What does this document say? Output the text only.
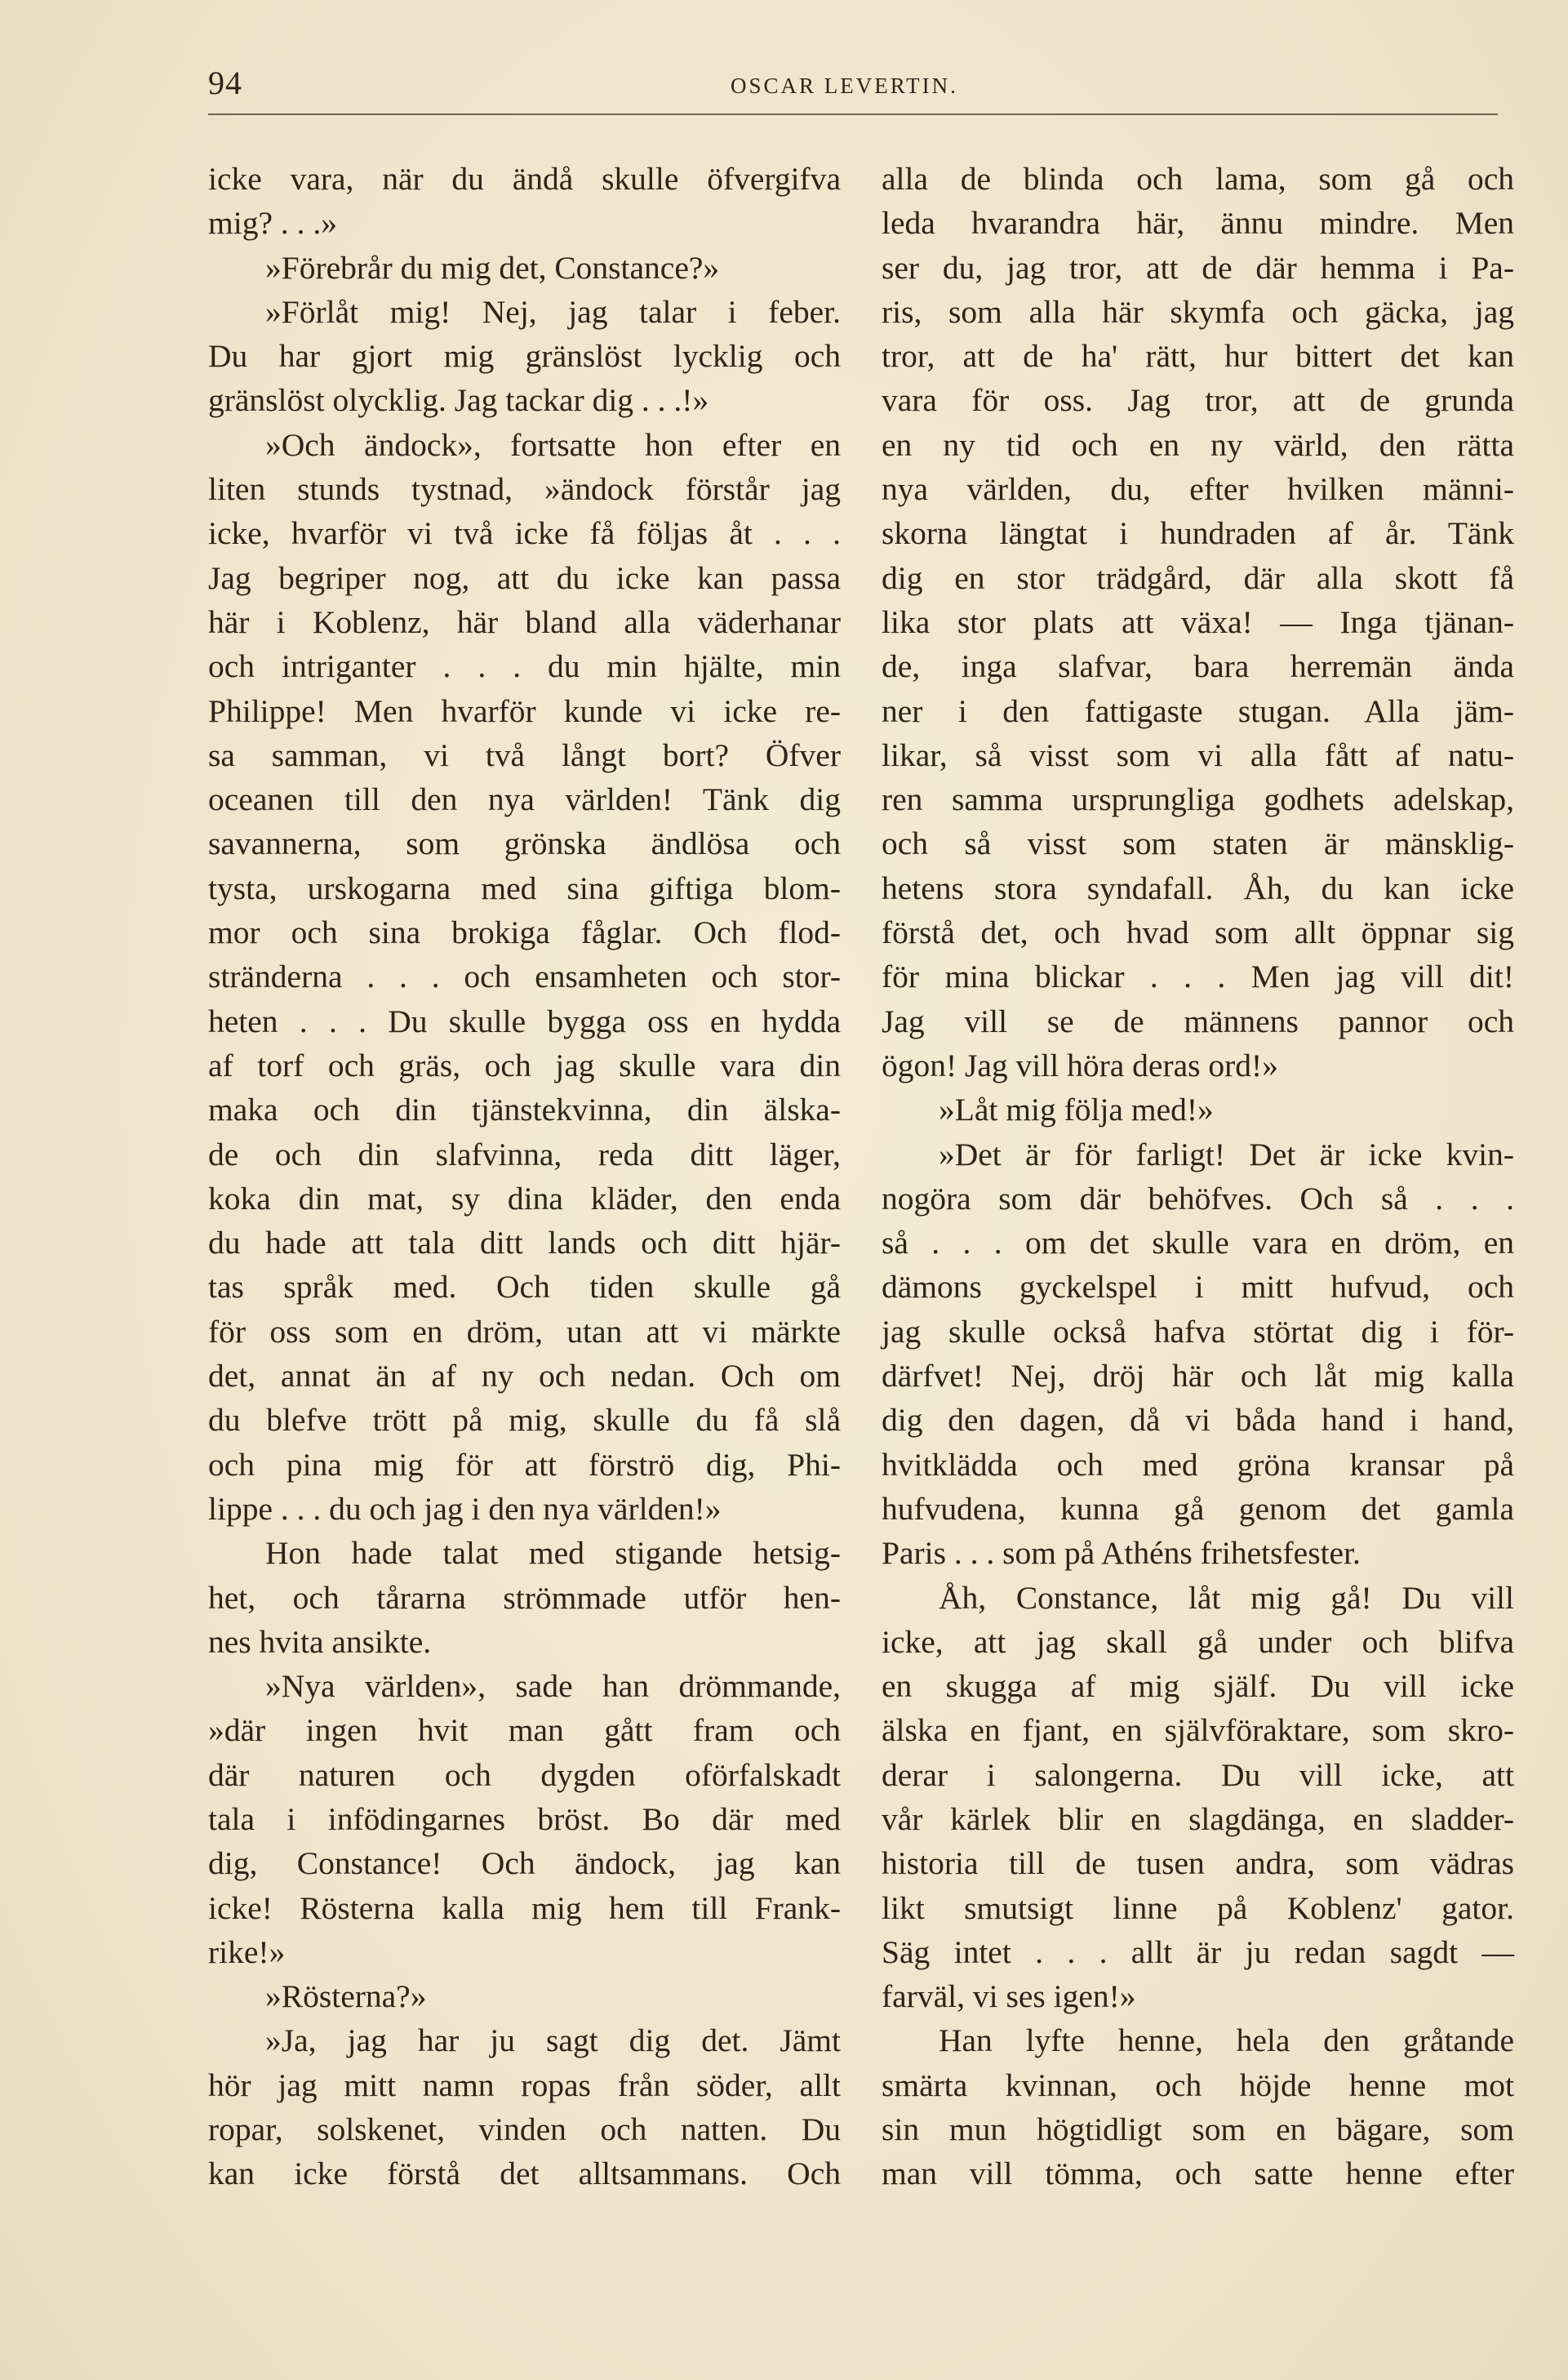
94	OSCAR LEVERTIN.
icke vara, när du ändå skulle öfvergifva
mig? . . .»
»Förebrår du mig det, Constance?»
»Förlåt mig! Nej, jag talar i feber.
Du har gjort mig gränslöst lycklig och
gränslöst olycklig. Jag tackar dig . . .!»
»Och ändock», fortsatte hon efter en
liten stunds tystnad, »ändock förstår jag
icke, hvarför vi två icke få följas åt . . .
Jag begriper nog, att du icke kan passa
här i Koblenz, här bland alla väderhanar
och intriganter . . . du min hjälte, min
Philippe! Men hvarför kunde vi icke re-
sa samman, vi två långt bort? Öfver
oceanen till den nya världen! Tänk dig
savannerna, som grönska ändlösa och
tysta, urskogarna med sina giftiga blom-
mor och sina brokiga fåglar. Och flod-
stränderna . . . och ensamheten och stor-
heten . . . Du skulle bygga oss en hydda
af torf och gräs, och jag skulle vara din
maka och din tjänstekvinna, din älska-
de och din slafvinna, reda ditt läger,
koka din mat, sy dina kläder, den enda
du hade att tala ditt lands och ditt hjär-
tas språk med. Och tiden skulle gå
för oss som en dröm, utan att vi märkte
det, annat än af ny och nedan. Och om
du blefve trött på mig, skulle du få slå
och pina mig för att förströ dig, Phi-
lippe . . . du och jag i den nya världen!»
Hon hade talat med stigande hetsig-
het, och tårarna strömmade utför hen-
nes hvita ansikte.
»Nya världen», sade han drömmande,
»där ingen hvit man gått fram och
där naturen och dygden oförfalskadt
tala i infödingarnes bröst. Bo där med
dig, Constance! Och ändock, jag kan
icke! Rösterna kalla mig hem till Frank-
rike!»
»Rösterna?»
»Ja, jag har ju sagt dig det. Jämt
hör jag mitt namn ropas från söder, allt
ropar, solskenet, vinden och natten. Du
kan icke förstå det alltsammans. Och
alla de blinda och lama, som gå och
leda hvarandra här, ännu mindre. Men
ser du, jag tror, att de där hemma i Pa-
ris, som alla här skymfa och gäcka, jag
tror, att de ha' rätt, hur bittert det kan
vara för oss. Jag tror, att de grunda
en ny tid och en ny värld, den rätta
nya världen, du, efter hvilken männi-
skorna längtat i hundraden af år. Tänk
dig en stor trädgård, där alla skott få
lika stor plats att växa! — Inga tjänan-
de, inga slafvar, bara herremän ända
ner i den fattigaste stugan. Alla jäm-
likar, så visst som vi alla fått af natu-
ren samma ursprungliga godhets adelskap,
och så visst som staten är mänsklig-
hetens stora syndafall. Åh, du kan icke
förstå det, och hvad som allt öppnar sig
för mina blickar . . . Men jag vill dit!
Jag vill se de männens pannor och
ögon! Jag vill höra deras ord!»
»Låt mig följa med!»
»Det är för farligt! Det är icke kvin-
nogöra som där behöfves. Och så . . .
så . . . om det skulle vara en dröm, en
dämons gyckelspel i mitt hufvud, och
jag skulle också hafva störtat dig i för-
därfvet! Nej, dröj här och låt mig kalla
dig den dagen, då vi båda hand i hand,
hvitklädda och med gröna kransar på
hufvudena, kunna gå genom det gamla
Paris . . . som på Athéns frihetsfester.
Åh, Constance, låt mig gå! Du vill
icke, att jag skall gå under och blifva
en skugga af mig själf. Du vill icke
älska en fjant, en självföraktare, som skro-
derar i salongerna. Du vill icke, att
vår kärlek blir en slagdänga, en sladder-
historia till de tusen andra, som vädras
likt smutsigt linne på Koblenz' gator.
Säg intet . . . allt är ju redan sagdt —
farväl, vi ses igen!»
Han lyfte henne, hela den gråtande
smärta kvinnan, och höjde henne mot
sin mun högtidligt som en bägare, som
man vill tömma, och satte henne efter
